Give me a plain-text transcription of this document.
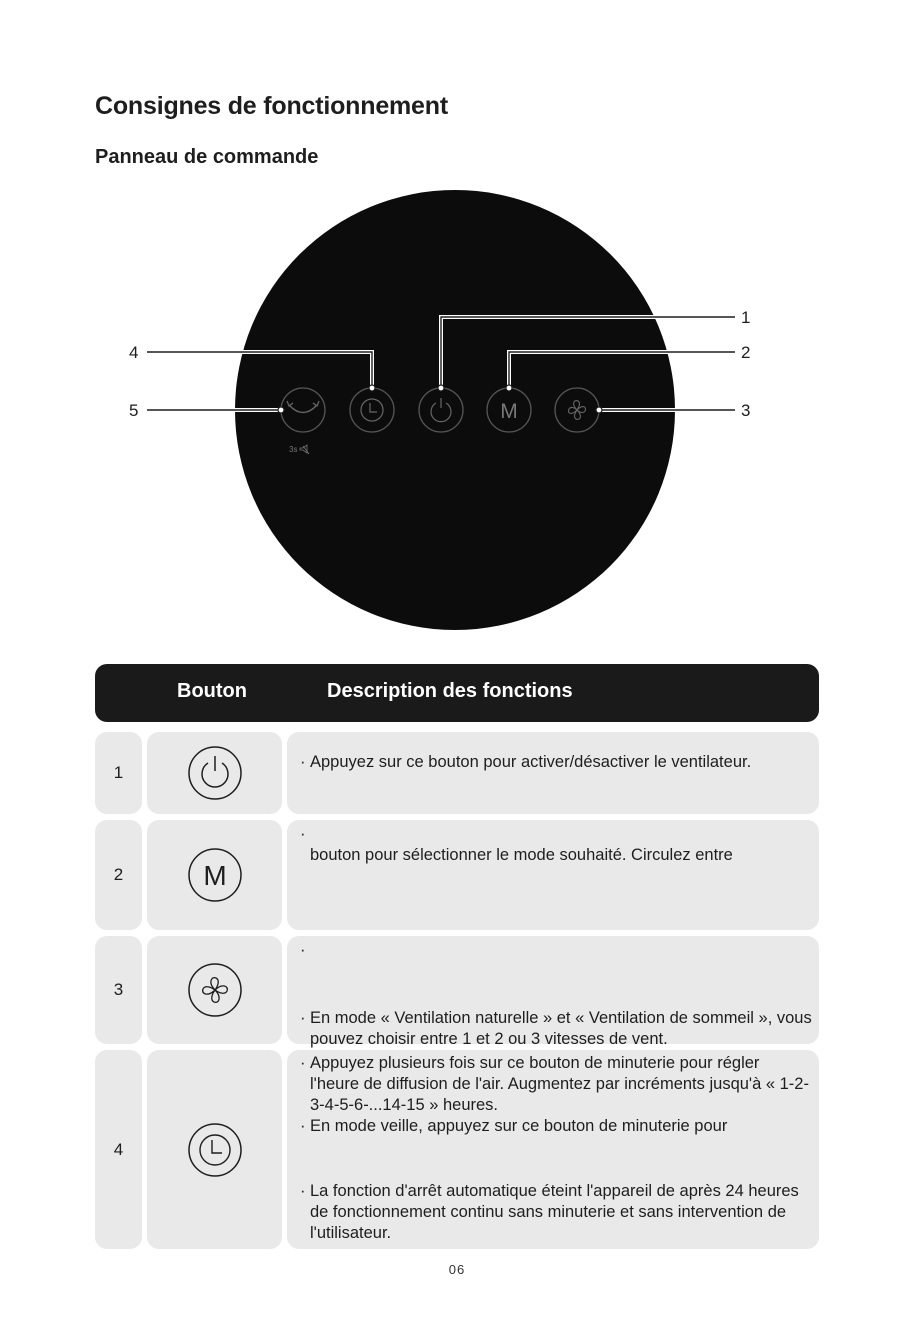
Consignes de fonctionnement
Panneau de commande
3s
M
1
2
3
4
5
Bouton	Description des fonctions
1
· Appuyez sur ce bouton pour activer/désactiver le ventilateur.
2	M
·
bouton pour sélectionner le mode souhaité. Circulez entre
3
·
· En mode « Ventilation naturelle » et « Ventilation de sommeil », vous pouvez choisir entre 1 et 2 ou 3 vitesses de vent.
4
· Appuyez plusieurs fois sur ce bouton de minuterie pour régler l'heure de diffusion de l'air. Augmentez par incréments jusqu'à « 1-2-3-4-5-6-...14-15 » heures.
· En mode veille, appuyez sur ce bouton de minuterie pour
· La fonction d'arrêt automatique éteint l'appareil de après 24 heures de fonctionnement continu sans minuterie et sans intervention de l'utilisateur.
06
